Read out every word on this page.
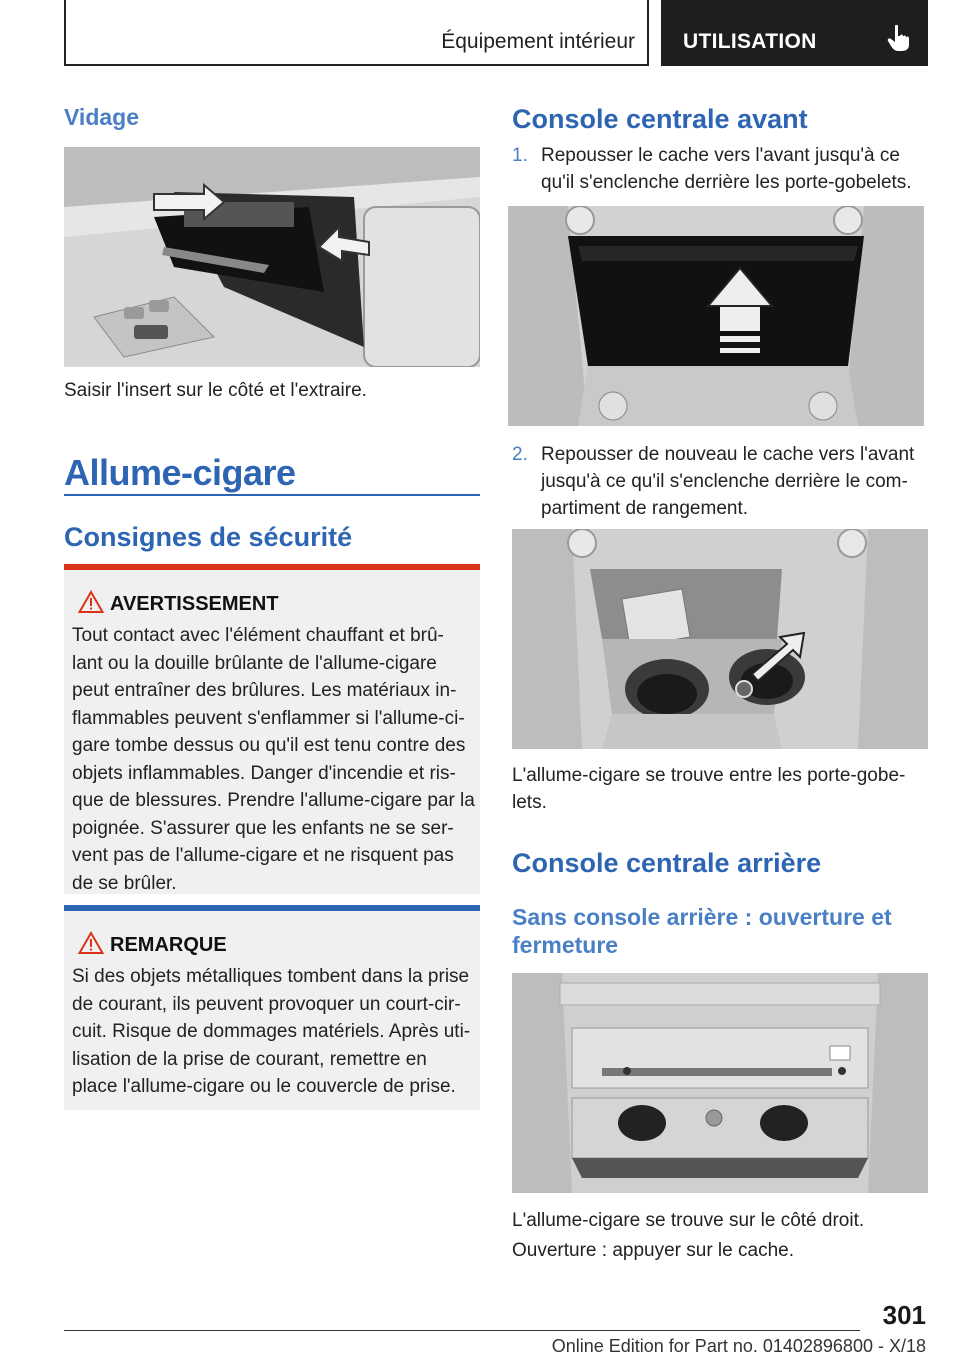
Équipement intérieur UTILISATION
Vidage
Saisir l'insert sur le côté et l'extraire.
Allume-cigare
Consignes de sécurité
AVERTISSEMENT
Tout contact avec l'élément chauffant et brû-
lant ou la douille brûlante de l'allume-cigare
peut entraîner des brûlures. Les matériaux in-
flammables peuvent s'enflammer si l'allume-ci-
gare tombe dessus ou qu'il est tenu contre des
objets inflammables. Danger d'incendie et ris-
que de blessures. Prendre l'allume-cigare par la
poignée. S'assurer que les enfants ne se ser-
vent pas de l'allume-cigare et ne risquent pas
de se brûler.
REMARQUE
Si des objets métalliques tombent dans la prise
de courant, ils peuvent provoquer un court-cir-
cuit. Risque de dommages matériels. Après uti-
lisation de la prise de courant, remettre en
place l'allume-cigare ou le couvercle de prise.
Console centrale avant
1. Repousser le cache vers l'avant jusqu'à ce
qu'il s'enclenche derrière les porte-gobelets.
2. Repousser de nouveau le cache vers l'avant
jusqu'à ce qu'il s'enclenche derrière le com-
partiment de rangement.
L'allume-cigare se trouve entre les porte-gobe-
lets.
Console centrale arrière
Sans console arrière : ouverture et
fermeture
L'allume-cigare se trouve sur le côté droit.
Ouverture : appuyer sur le cache.
301
Online Edition for Part no. 01402896800 - X/18
